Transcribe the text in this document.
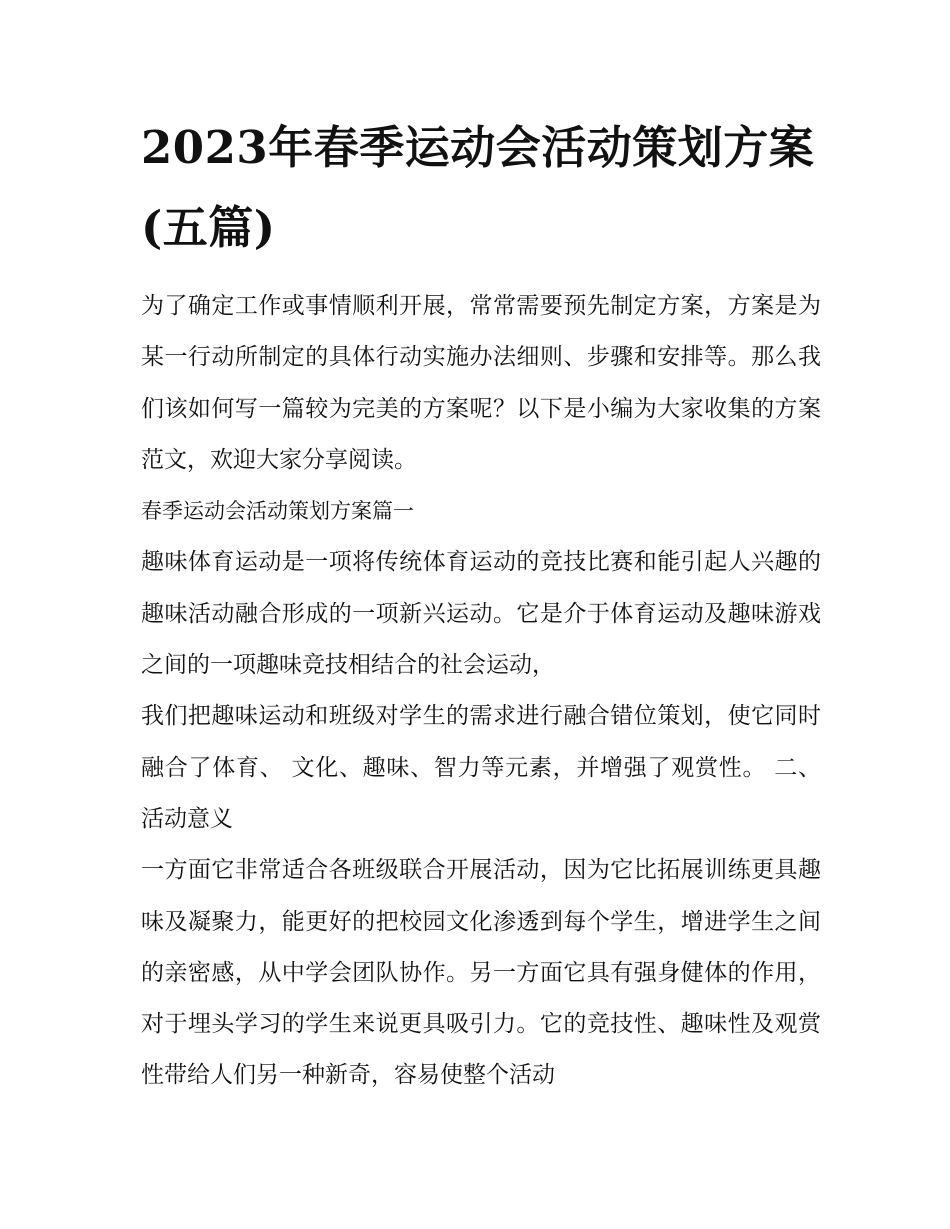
2023年春季运动会活动策划方案(五篇)

为了确定工作或事情顺利开展，常常需要预先制定方案，方案是为某一行动所制定的具体行动实施办法细则、步骤和安排等。那么我们该如何写一篇较为完美的方案呢？以下是小编为大家收集的方案范文，欢迎大家分享阅读。

春季运动会活动策划方案篇一

趣味体育运动是一项将传统体育运动的竞技比赛和能引起人兴趣的趣味活动融合形成的一项新兴运动。它是介于体育运动及趣味游戏之间的一项趣味竞技相结合的社会运动，

我们把趣味运动和班级对学生的需求进行融合错位策划，使它同时融合了体育、 文化、趣味、智力等元素，并增强了观赏性。 二、活动意义

一方面它非常适合各班级联合开展活动，因为它比拓展训练更具趣味及凝聚力，能更好的把校园文化渗透到每个学生，增进学生之间的亲密感，从中学会团队协作。另一方面它具有强身健体的作用，对于埋头学习的学生来说更具吸引力。它的竞技性、趣味性及观赏性带给人们另一种新奇，容易使整个活动
